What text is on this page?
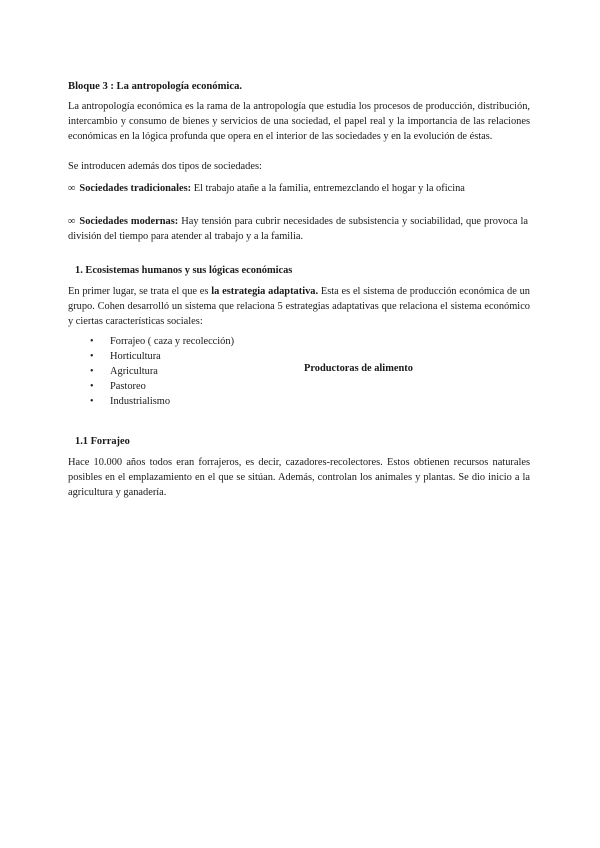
Bloque 3 : La antropología económica.
La antropología económica es la rama de la antropología que estudia los procesos de producción, distribución, intercambio y consumo de bienes y servicios de una sociedad, el papel real y la importancia de las relaciones económicas en la lógica profunda que opera en el interior de las sociedades y en la evolución de éstas.
Se introducen además dos tipos de sociedades:
∞ Sociedades tradicionales: El trabajo atañe a la familia, entremezclando el hogar y la oficina
∞ Sociedades modernas: Hay tensión para cubrir necesidades de subsistencia y sociabilidad, que provoca la división del tiempo para atender al trabajo y a la familia.
1. Ecosistemas humanos y sus lógicas económicas
En primer lugar, se trata el que es la estrategia adaptativa. Esta es el sistema de producción económica de un grupo. Cohen desarrolló un sistema que relaciona 5 estrategias adaptativas que relaciona el sistema económico y ciertas características sociales:
• Forrajeo ( caza y recolección)
• Horticultura
• Agricultura
• Pastoreo
• Industrialismo
Productoras de alimento
1.1 Forrajeo
Hace 10.000 años todos eran forrajeros, es decir, cazadores-recolectores. Estos obtienen recursos naturales posibles en el emplazamiento en el que se sitúan. Además, controlan los animales y plantas. Se dio inicio a la agricultura y ganadería.
